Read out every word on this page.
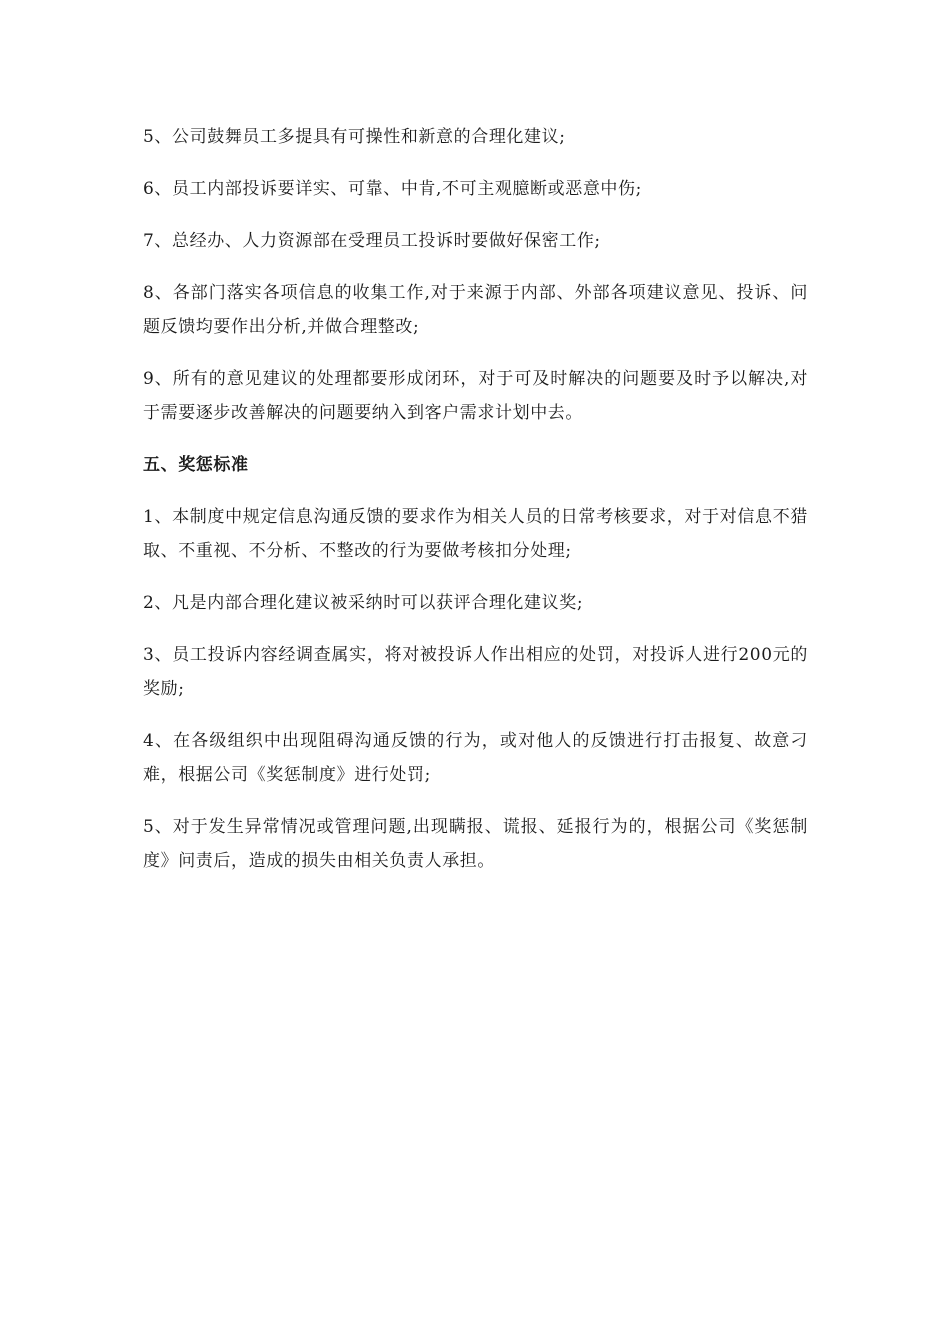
5、公司鼓舞员工多提具有可操性和新意的合理化建议;

6、员工内部投诉要详实、可靠、中肯,不可主观臆断或恶意中伤;

7、总经办、人力资源部在受理员工投诉时要做好保密工作;

8、各部门落实各项信息的收集工作,对于来源于内部、外部各项建议意见、投诉、问题反馈均要作出分析,并做合理整改;

9、所有的意见建议的处理都要形成闭环，对于可及时解决的问题要及时予以解决,对于需要逐步改善解决的问题要纳入到客户需求计划中去。

五、奖惩标准

1、本制度中规定信息沟通反馈的要求作为相关人员的日常考核要求，对于对信息不猎取、不重视、不分析、不整改的行为要做考核扣分处理;

2、凡是内部合理化建议被采纳时可以获评合理化建议奖;

3、员工投诉内容经调查属实，将对被投诉人作出相应的处罚，对投诉人进行200元的奖励;

4、在各级组织中出现阻碍沟通反馈的行为，或对他人的反馈进行打击报复、故意刁难，根据公司《奖惩制度》进行处罚;

5、对于发生异常情况或管理问题,出现瞒报、谎报、延报行为的，根据公司《奖惩制度》问责后，造成的损失由相关负责人承担。
